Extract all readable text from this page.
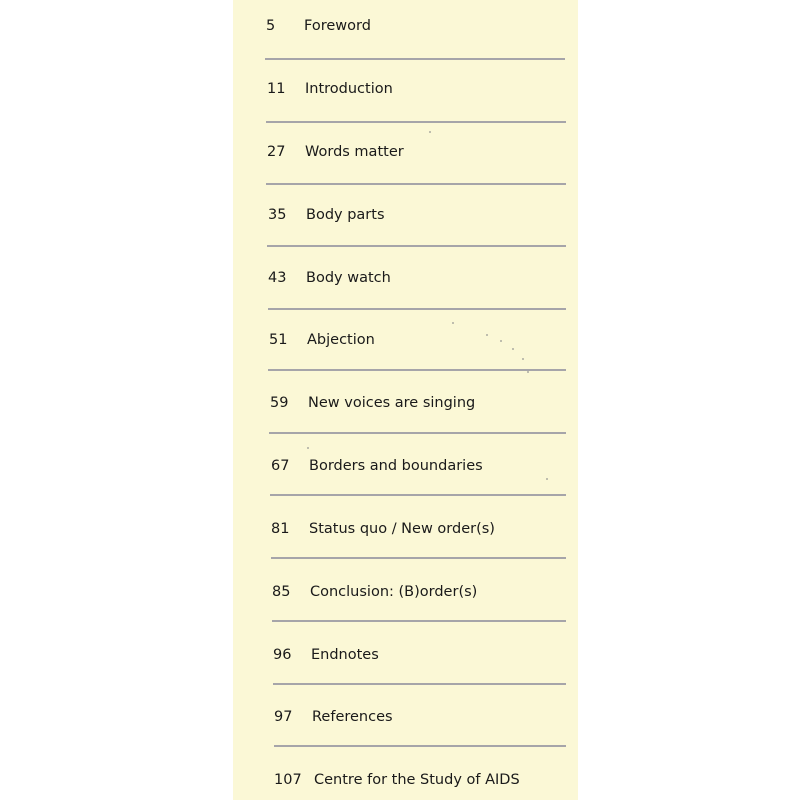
5	Foreword
11	Introduction
27	Words matter
35	Body parts
43	Body watch
51	Abjection
59	New voices are singing
67	Borders and boundaries
81	Status quo / New order(s)
85	Conclusion: (B)order(s)
96	Endnotes
97	References
107 Centre for the Study of AIDS
